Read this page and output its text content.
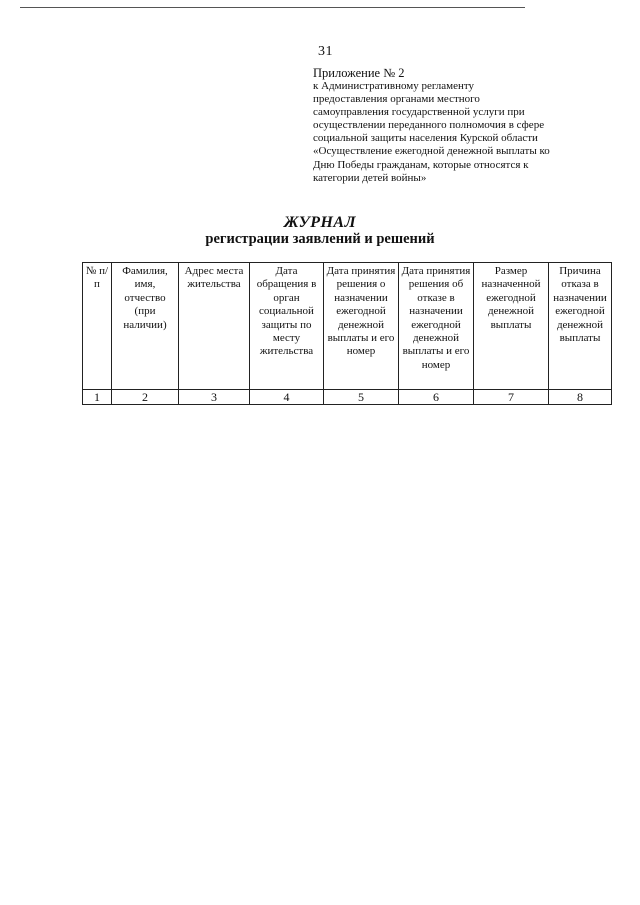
31
Приложение № 2
к Административному регламенту
предоставления органами местного
самоуправления государственной услуги при
осуществлении переданного полномочия в сфере
социальной защиты населения Курской области
«Осуществление ежегодной денежной выплаты ко
Дню Победы гражданам, которые относятся к
категории детей войны»
ЖУРНАЛ
регистрации заявлений и решений
№ п/п	Фамилия, имя, отчество (при наличии)	Адрес места жительства	Дата обращения в орган социальной защиты по месту жительства	Дата принятия решения о назначении ежегодной денежной выплаты и его номер	Дата принятия решения об отказе в назначении ежегодной денежной выплаты и его номер	Размер назначенной ежегодной денежной выплаты	Причина отказа в назначении ежегодной денежной выплаты
1	2	3	4	5	6	7	8
